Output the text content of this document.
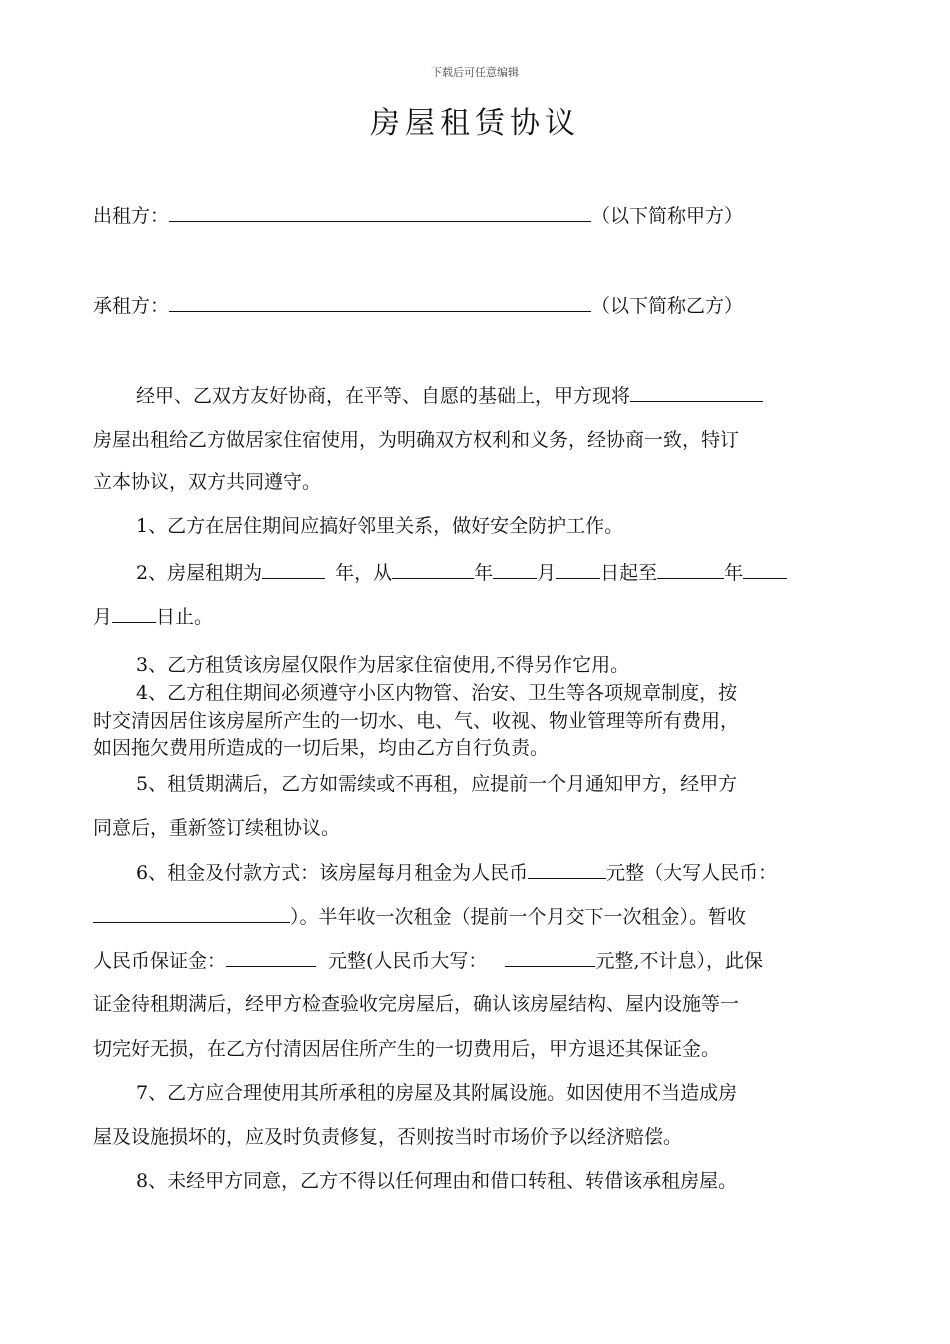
下载后可任意编辑
房屋租赁协议
出租方：	（以下简称甲方）
承租方：	（以下简称乙方）
经甲、乙双方友好协商，在平等、自愿的基础上，甲方现将
房屋出租给乙方做居家住宿使用，为明确双方权利和义务，经协商一致，特订
立本协议，双方共同遵守。
1、乙方在居住期间应搞好邻里关系，做好安全防护工作。
2、房屋租期为	年，从	年 月 日起至	年
月 日止。
3、乙方租赁该房屋仅限作为居家住宿使用,不得另作它用。
4、乙方租住期间必须遵守小区内物管、治安、卫生等各项规章制度，按
时交清因居住该房屋所产生的一切水、电、气、收视、物业管理等所有费用，
如因拖欠费用所造成的一切后果，均由乙方自行负责。
5、租赁期满后，乙方如需续或不再租，应提前一个月通知甲方，经甲方
同意后，重新签订续租协议。
6、租金及付款方式：该房屋每月租金为人民币	元整（大写人民币：
）。半年收一次租金（提前一个月交下一次租金）。暂收
人民币保证金：	元整(人民币大写：	元整,不计息），此保
证金待租期满后，经甲方检查验收完房屋后，确认该房屋结构、屋内设施等一
切完好无损，在乙方付清因居住所产生的一切费用后，甲方退还其保证金。
7、乙方应合理使用其所承租的房屋及其附属设施。如因使用不当造成房
屋及设施损坏的，应及时负责修复，否则按当时市场价予以经济赔偿。
8、未经甲方同意，乙方不得以任何理由和借口转租、转借该承租房屋。
